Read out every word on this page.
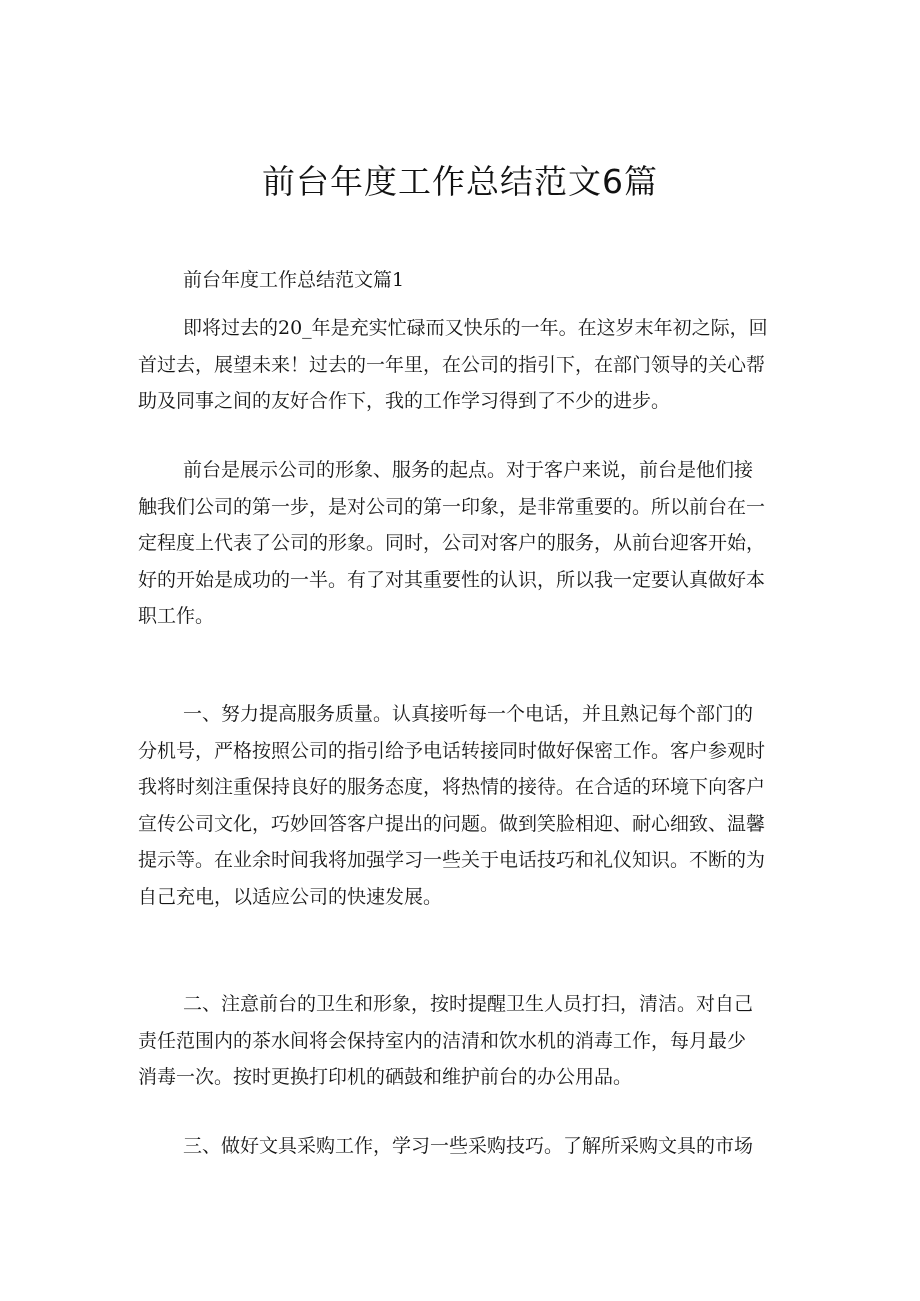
前台年度工作总结范文6篇
前台年度工作总结范文篇1
即将过去的20_年是充实忙碌而又快乐的一年。在这岁末年初之际，回
首过去，展望未来！过去的一年里，在公司的指引下，在部门领导的关心帮
助及同事之间的友好合作下，我的工作学习得到了不少的进步。
前台是展示公司的形象、服务的起点。对于客户来说，前台是他们接
触我们公司的第一步，是对公司的第一印象，是非常重要的。所以前台在一
定程度上代表了公司的形象。同时，公司对客户的服务，从前台迎客开始，
好的开始是成功的一半。有了对其重要性的认识，所以我一定要认真做好本
职工作。
一、努力提高服务质量。认真接听每一个电话，并且熟记每个部门的
分机号，严格按照公司的指引给予电话转接同时做好保密工作。客户参观时
我将时刻注重保持良好的服务态度，将热情的接待。在合适的环境下向客户
宣传公司文化，巧妙回答客户提出的问题。做到笑脸相迎、耐心细致、温馨
提示等。在业余时间我将加强学习一些关于电话技巧和礼仪知识。不断的为
自己充电，以适应公司的快速发展。
二、注意前台的卫生和形象，按时提醒卫生人员打扫，清洁。对自己
责任范围内的茶水间将会保持室内的洁清和饮水机的消毒工作，每月最少
消毒一次。按时更换打印机的硒鼓和维护前台的办公用品。
三、做好文具采购工作，学习一些采购技巧。了解所采购文具的市场
